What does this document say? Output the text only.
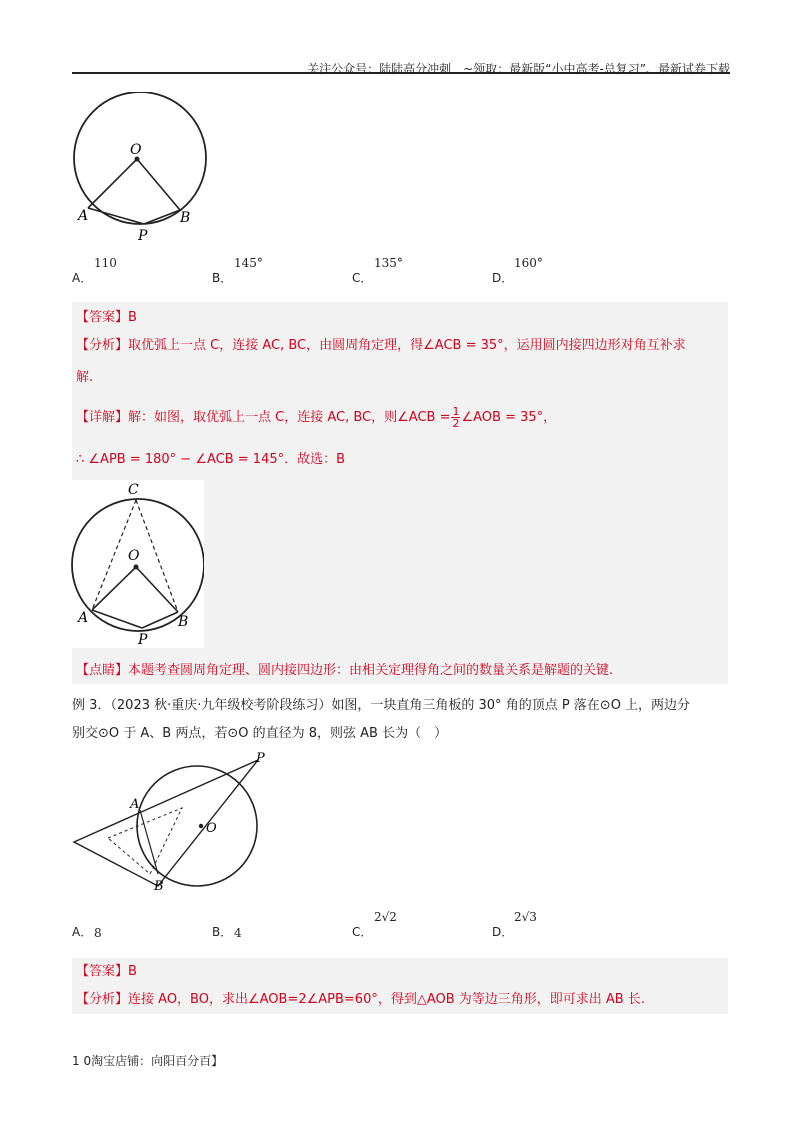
关注公众号：陆陆高分冲刺　~领取：最新版“小中高考-总复习”、最新试卷下载
O
A	B
P
A．
110
B．
145°
C．
135°
D．
160°
【答案】B
【分析】取优弧上一点 C，连接 AC, BC，由圆周角定理，得∠ACB = 35°，运用圆内接四边形对角互补求
解.
【详解】解：如图，取优弧上一点 C，连接 AC, BC，则∠ACB = $\frac{1}{2}$ ∠AOB = 35°，
∴ ∠APB = 180° − ∠ACB = 145°．故选：B
C
O
A	B
P
【点睛】本题考查圆周角定理、圆内接四边形：由相关定理得角之间的数量关系是解题的关键.
例 3．（2023 秋·重庆·九年级校考阶段练习）如图，一块直角三角板的 30° 角的顶点 P 落在⊙O 上，两边分
别交⊙O 于 A、B 两点，若⊙O 的直径为 8，则弦 AB 长为（　）
O
A
B
P
A． 8	B． 4	C．
2√2
D．
2√3
【答案】B
【分析】连接 AO，BO，求出∠AOB=2∠APB=60°，得到△AOB 为等边三角形，即可求出 AB 长.
1 0淘宝店铺：向阳百分百】
